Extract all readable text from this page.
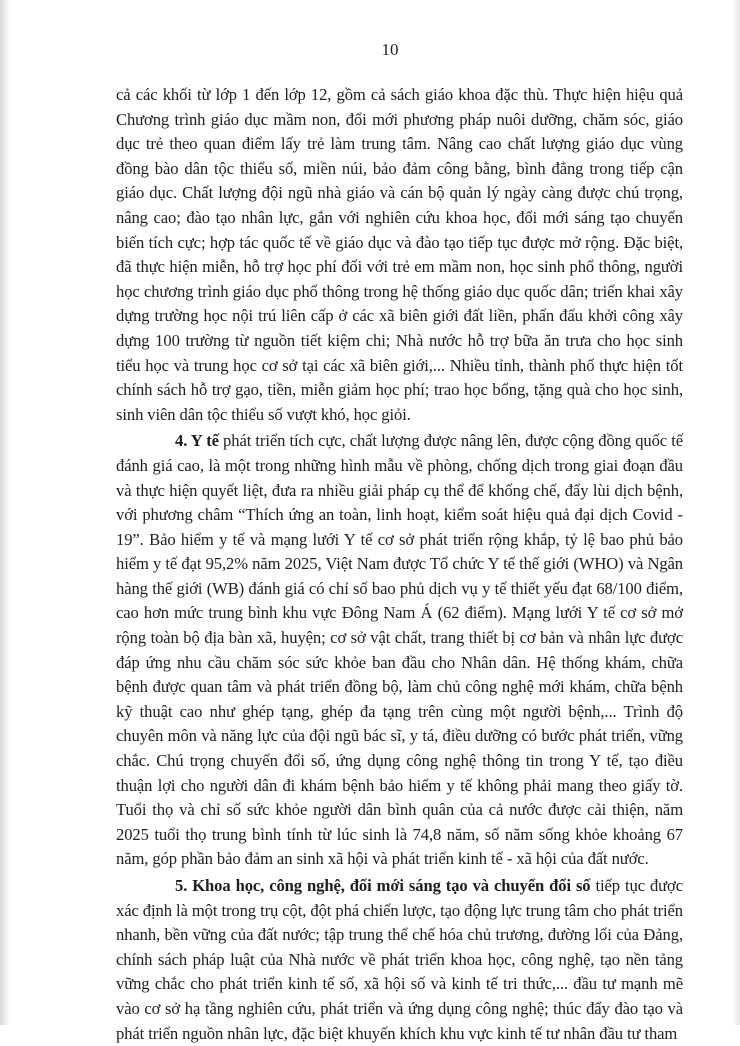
10

cả các khối từ lớp 1 đến lớp 12, gồm cả sách giáo khoa đặc thù. Thực hiện hiệu quả Chương trình giáo dục mầm non, đổi mới phương pháp nuôi dưỡng, chăm sóc, giáo dục trẻ theo quan điểm lấy trẻ làm trung tâm. Nâng cao chất lượng giáo dục vùng đồng bào dân tộc thiểu số, miền núi, bảo đảm công bằng, bình đẳng trong tiếp cận giáo dục. Chất lượng đội ngũ nhà giáo và cán bộ quản lý ngày càng được chú trọng, nâng cao; đào tạo nhân lực, gắn với nghiên cứu khoa học, đổi mới sáng tạo chuyển biến tích cực; hợp tác quốc tế về giáo dục và đào tạo tiếp tục được mở rộng. Đặc biệt, đã thực hiện miễn, hỗ trợ học phí đối với trẻ em mầm non, học sinh phổ thông, người học chương trình giáo dục phổ thông trong hệ thống giáo dục quốc dân; triển khai xây dựng trường học nội trú liên cấp ở các xã biên giới đất liền, phấn đấu khởi công xây dựng 100 trường từ nguồn tiết kiệm chi; Nhà nước hỗ trợ bữa ăn trưa cho học sinh tiểu học và trung học cơ sở tại các xã biên giới,... Nhiều tỉnh, thành phố thực hiện tốt chính sách hỗ trợ gạo, tiền, miễn giảm học phí; trao học bổng, tặng quà cho học sinh, sinh viên dân tộc thiểu số vượt khó, học giỏi.

4. Y tế phát triển tích cực, chất lượng được nâng lên, được cộng đồng quốc tế đánh giá cao, là một trong những hình mẫu về phòng, chống dịch trong giai đoạn đầu và thực hiện quyết liệt, đưa ra nhiều giải pháp cụ thể để khống chế, đẩy lùi dịch bệnh, với phương châm “Thích ứng an toàn, linh hoạt, kiểm soát hiệu quả đại dịch Covid - 19”. Bảo hiểm y tế và mạng lưới Y tế cơ sở phát triển rộng khắp, tỷ lệ bao phủ bảo hiểm y tế đạt 95,2% năm 2025, Việt Nam được Tổ chức Y tế thế giới (WHO) và Ngân hàng thế giới (WB) đánh giá có chỉ số bao phủ dịch vụ y tế thiết yếu đạt 68/100 điểm, cao hơn mức trung bình khu vực Đông Nam Á (62 điểm). Mạng lưới Y tế cơ sở mở rộng toàn bộ địa bàn xã, huyện; cơ sở vật chất, trang thiết bị cơ bản và nhân lực được đáp ứng nhu cầu chăm sóc sức khỏe ban đầu cho Nhân dân. Hệ thống khám, chữa bệnh được quan tâm và phát triển đồng bộ, làm chủ công nghệ mới khám, chữa bệnh kỹ thuật cao như ghép tạng, ghép đa tạng trên cùng một người bệnh,... Trình độ chuyên môn và năng lực của đội ngũ bác sĩ, y tá, điều dưỡng có bước phát triển, vững chắc. Chú trọng chuyển đổi số, ứng dụng công nghệ thông tin trong Y tế, tạo điều thuận lợi cho người dân đi khám bệnh bảo hiểm y tế không phải mang theo giấy tờ. Tuổi thọ và chỉ số sức khỏe người dân bình quân của cả nước được cải thiện, năm 2025 tuổi thọ trung bình tính từ lúc sinh là 74,8 năm, số năm sống khỏe khoảng 67 năm, góp phần bảo đảm an sinh xã hội và phát triển kinh tế - xã hội của đất nước.

5. Khoa học, công nghệ, đổi mới sáng tạo và chuyển đổi số tiếp tục được xác định là một trong trụ cột, đột phá chiến lược, tạo động lực trung tâm cho phát triển nhanh, bền vững của đất nước; tập trung thể chế hóa chủ trương, đường lối của Đảng, chính sách pháp luật của Nhà nước về phát triển khoa học, công nghệ, tạo nền tảng vững chắc cho phát triển kinh tế số, xã hội số và kinh tế tri thức,... đầu tư mạnh mẽ vào cơ sở hạ tầng nghiên cứu, phát triển và ứng dụng công nghệ; thúc đẩy đào tạo và phát triển nguồn nhân lực, đặc biệt khuyến khích khu vực kinh tế tư nhân đầu tư tham
